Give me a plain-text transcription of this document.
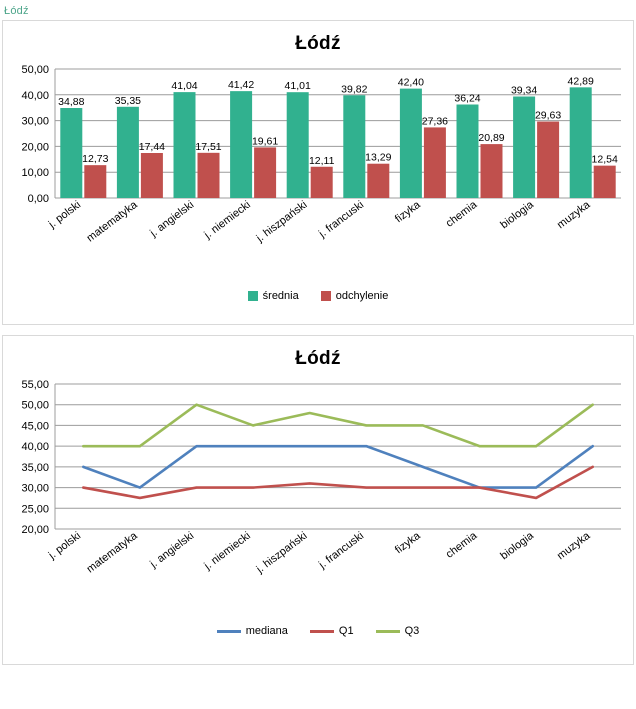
Łódź
Łódź
0,00
10,00
20,00
30,00
40,00
50,00
34,88
12,73
j. polski
35,35
17,44
matematyka
41,04
17,51
j. angielski
41,42
19,61
j. niemiecki
41,01
12,11
j. hiszpański
39,82
13,29
j. francuski
42,40
27,36
fizyka
36,24
20,89
chemia
39,34
29,63
biologia
42,89
12,54
muzyka
średnia	odchylenie
Łódź
20,00
25,00
30,00
35,00
40,00
45,00
50,00
55,00
j. polski matematyka j. angielski j. niemiecki j. hiszpański j. francuski fizyka chemia biologia muzyka
mediana	Q1	Q3
